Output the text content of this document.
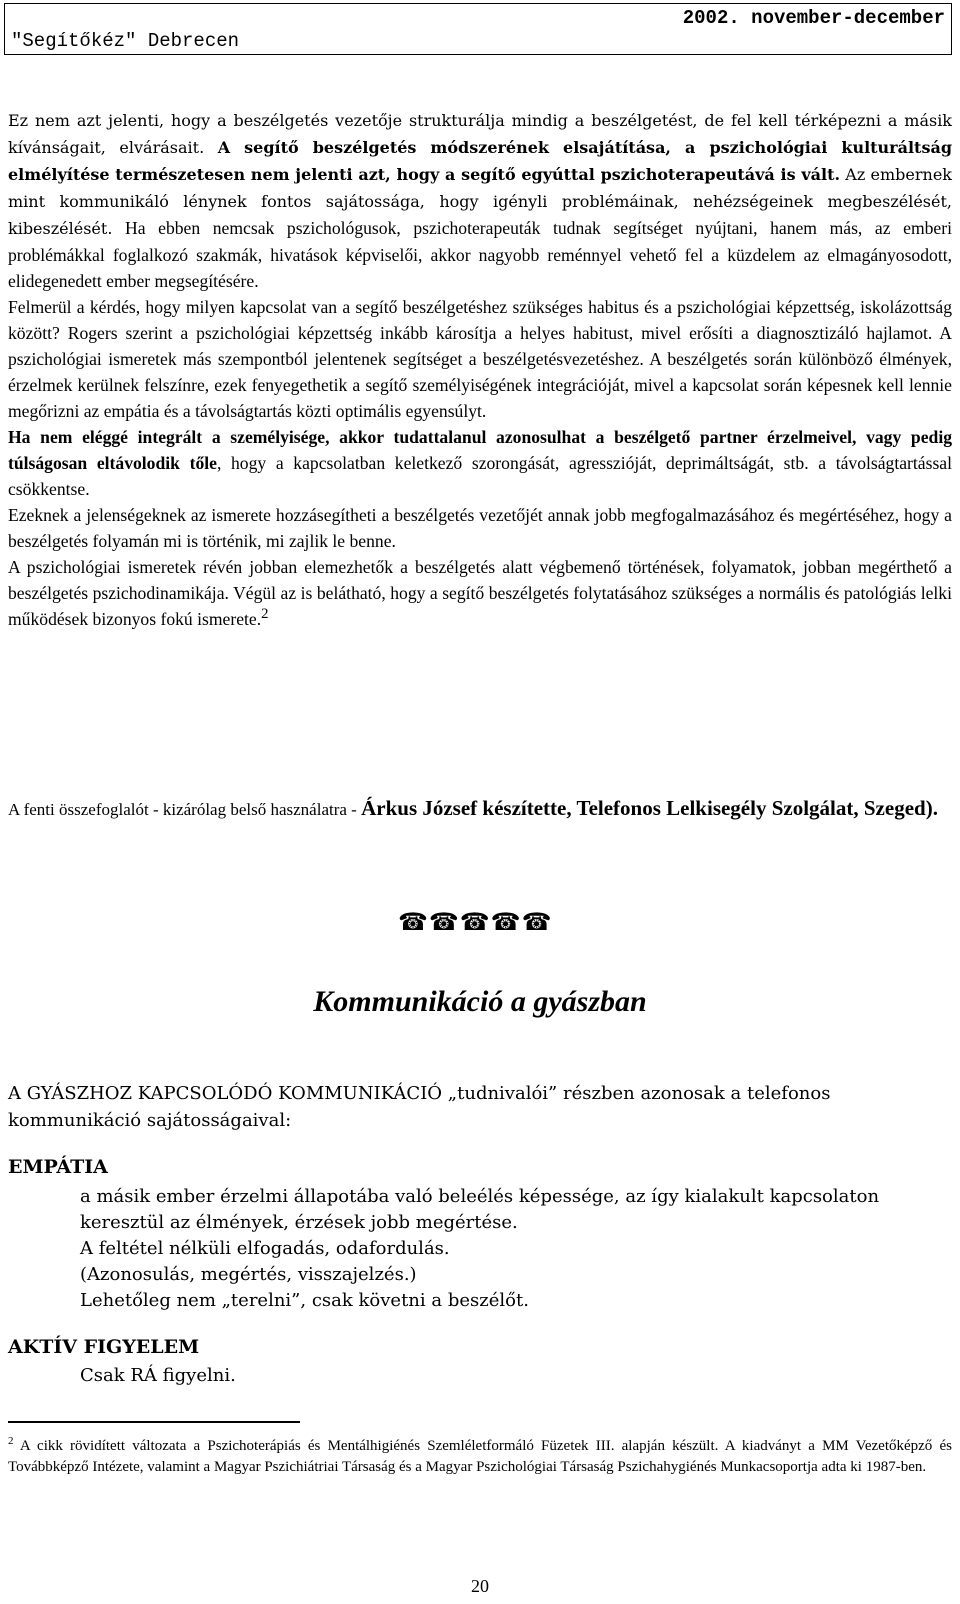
"Segítőkéz" Debrecen
2002. november-december

Ez nem azt jelenti, hogy a beszélgetés vezetője strukturálja mindig a beszélgetést, de fel kell térképezni a másik kívánságait, elvárásait. A segítő beszélgetés módszerének elsajátítása, a pszichológiai kulturáltság elmélyítése természetesen nem jelenti azt, hogy a segítő egyúttal pszichoterapeutává is vált. Az embernek mint kommunikáló lénynek fontos sajátossága, hogy igényli problémáinak, nehézségeinek megbeszélését, kibeszélését. Ha ebben nemcsak pszichológusok, pszichoterapeuták tudnak segítséget nyújtani, hanem más, az emberi problémákkal foglalkozó szakmák, hivatások képviselői, akkor nagyobb reménnyel vehető fel a küzdelem az elmagányosodott, elidegenedett ember megsegítésére.

Felmerül a kérdés, hogy milyen kapcsolat van a segítő beszélgetéshez szükséges habitus és a pszichológiai képzettség, iskolázottság között? Rogers szerint a pszichológiai képzettség inkább károsítja a helyes habitust, mivel erősíti a diagnosztizáló hajlamot. A pszichológiai ismeretek más szempontból jelentenek segítséget a beszélgetésvezetéshez. A beszélgetés során különböző élmények, érzelmek kerülnek felszínre, ezek fenyegethetik a segítő személyiségének integrációját, mivel a kapcsolat során képesnek kell lennie megőrizni az empátia és a távolságtartás közti optimális egyensúlyt.

Ha nem eléggé integrált a személyisége, akkor tudattalanul azonosulhat a beszélgető partner érzelmeivel, vagy pedig túlságosan eltávolodik tőle, hogy a kapcsolatban keletkező szorongását, agresszióját, deprimáltságát, stb. a távolságtartással csökkentse.

Ezeknek a jelenségeknek az ismerete hozzásegítheti a beszélgetés vezetőjét annak jobb megfogalmazásához és megértéséhez, hogy a beszélgetés folyamán mi is történik, mi zajlik le benne.

A pszichológiai ismeretek révén jobban elemezhetők a beszélgetés alatt végbemenő történések, folyamatok, jobban megérthető a beszélgetés pszichodinamikája. Végül az is belátható, hogy a segítő beszélgetés folytatásához szükséges a normális és patológiás lelki működések bizonyos fokú ismerete.$^2$

A fenti összefoglalót - kizárólag belső használatra - Árkus József készítette, Telefonos Lelkisegély Szolgálat, Szeged).
☎☎☎☎☎
Kommunikáció a gyászban
A GYÁSZHOZ KAPCSOLÓDÓ KOMMUNIKÁCIÓ „tudnivalói” részben azonosak a telefonos kommunikáció sajátosságaival:
EMPÁTIA
a másik ember érzelmi állapotába való beleélés képessége, az így kialakult kapcsolaton keresztül az élmények, érzések jobb megértése.
A feltétel nélküli elfogadás, odafordulás.
(Azonosulás, megértés, visszajelzés.)
Lehetőleg nem „terelni”, csak követni a beszélőt.
AKTÍV FIGYELEM
Csak RÁ figyelni.
$^2$ A cikk rövidített változata a Pszichoterápiás és Mentálhigiénés Szemléletformáló Füzetek III. alapján készült. A kiadványt a MM Vezetőképző és Továbbképző Intézete, valamint a Magyar Pszichiátriai Társaság és a Magyar Pszichológiai Társaság Pszichahygiénés Munkacsoportja adta ki 1987-ben.
20
